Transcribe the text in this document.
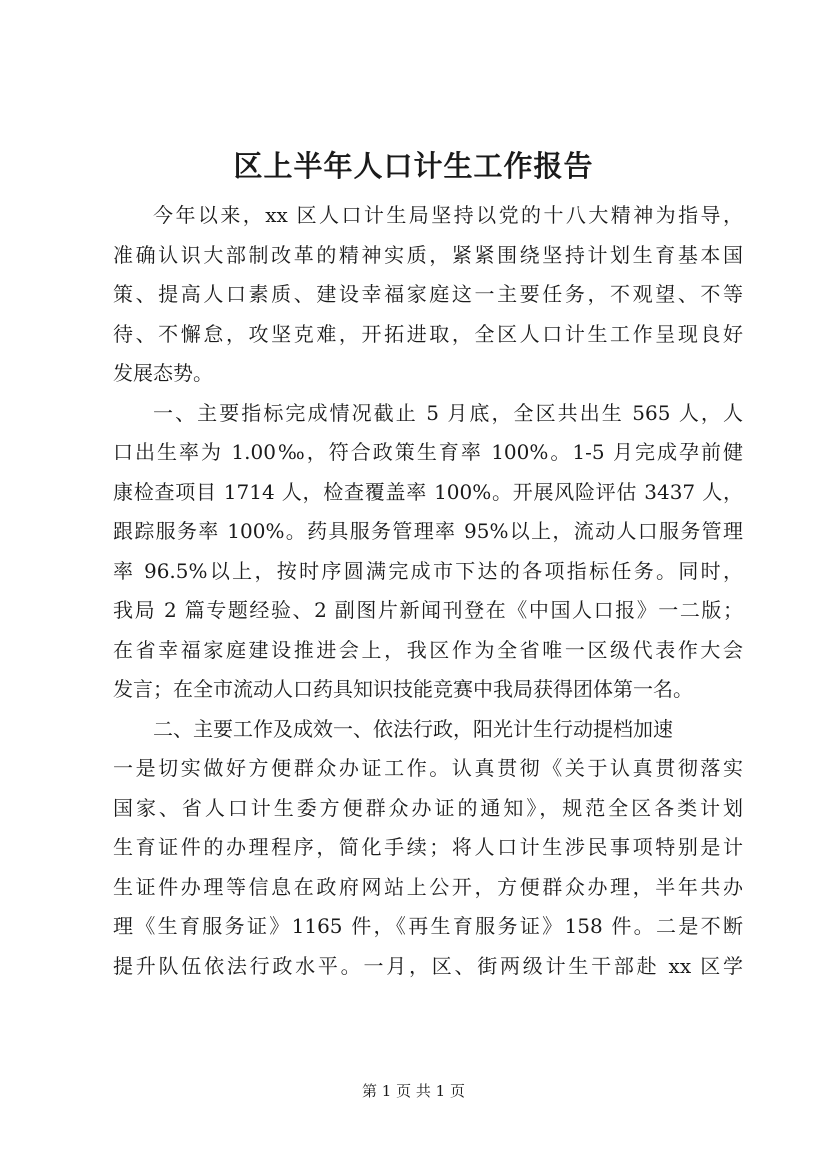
区上半年人口计生工作报告
今年以来，xx 区人口计生局坚持以党的十八大精神为指导，
准确认识大部制改革的精神实质，紧紧围绕坚持计划生育基本国
策、提高人口素质、建设幸福家庭这一主要任务，不观望、不等
待、不懈怠，攻坚克难，开拓进取，全区人口计生工作呈现良好
发展态势。
一、主要指标完成情况截止 5 月底，全区共出生 565 人，人
口出生率为 1.00‰，符合政策生育率 100%。1-5 月完成孕前健
康检查项目 1714 人，检查覆盖率 100%。开展风险评估 3437 人，
跟踪服务率 100%。药具服务管理率 95%以上，流动人口服务管理
率 96.5%以上，按时序圆满完成市下达的各项指标任务。同时，
我局 2 篇专题经验、2 副图片新闻刊登在《中国人口报》一二版；
在省幸福家庭建设推进会上，我区作为全省唯一区级代表作大会
发言；在全市流动人口药具知识技能竞赛中我局获得团体第一名。
二、主要工作及成效一、依法行政，阳光计生行动提档加速
一是切实做好方便群众办证工作。认真贯彻《关于认真贯彻落实
国家、省人口计生委方便群众办证的通知》，规范全区各类计划
生育证件的办理程序，简化手续；将人口计生涉民事项特别是计
生证件办理等信息在政府网站上公开，方便群众办理，半年共办
理《生育服务证》1165 件，《再生育服务证》158 件。二是不断
提升队伍依法行政水平。一月，区、街两级计生干部赴 xx 区学
第 1 页 共 1 页
